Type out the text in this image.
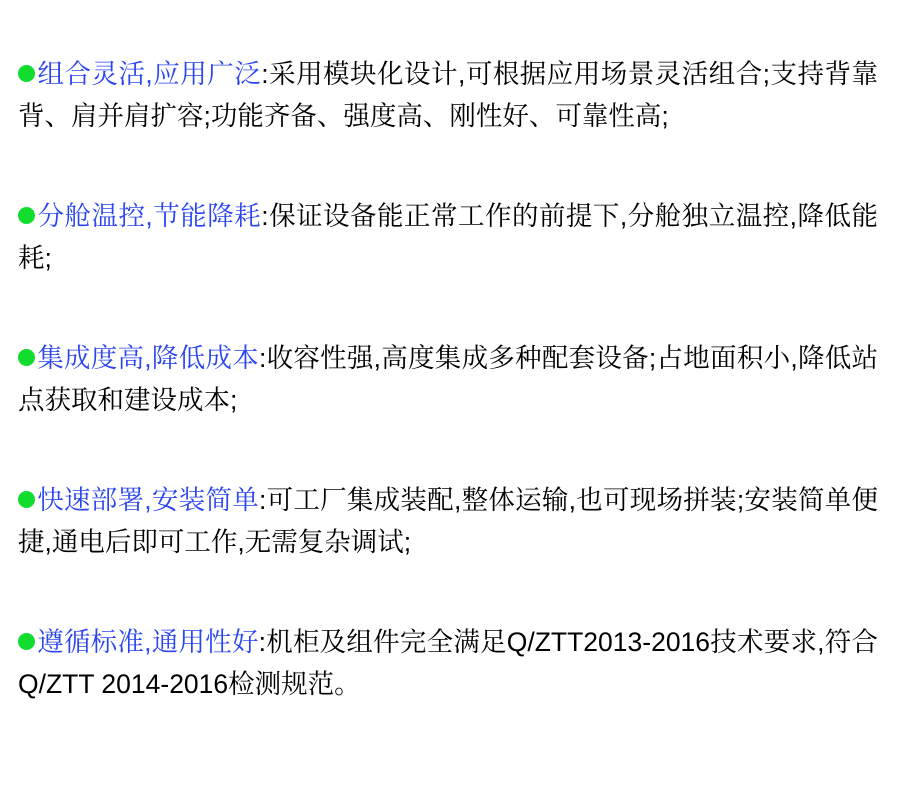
组合灵活,应用广泛:采用模块化设计,可根据应用场景灵活组合;支持背靠背、肩并肩扩容;功能齐备、强度高、刚性好、可靠性高;

分舱温控,节能降耗:保证设备能正常工作的前提下,分舱独立温控,降低能耗;

集成度高,降低成本:收容性强,高度集成多种配套设备;占地面积小,降低站点获取和建设成本;

快速部署,安装简单:可工厂集成装配,整体运输,也可现场拼装;安装简单便捷,通电后即可工作,无需复杂调试;

遵循标准,通用性好:机柜及组件完全满足Q/ZTT2013-2016技术要求,符合Q/ZTT 2014-2016检测规范。
